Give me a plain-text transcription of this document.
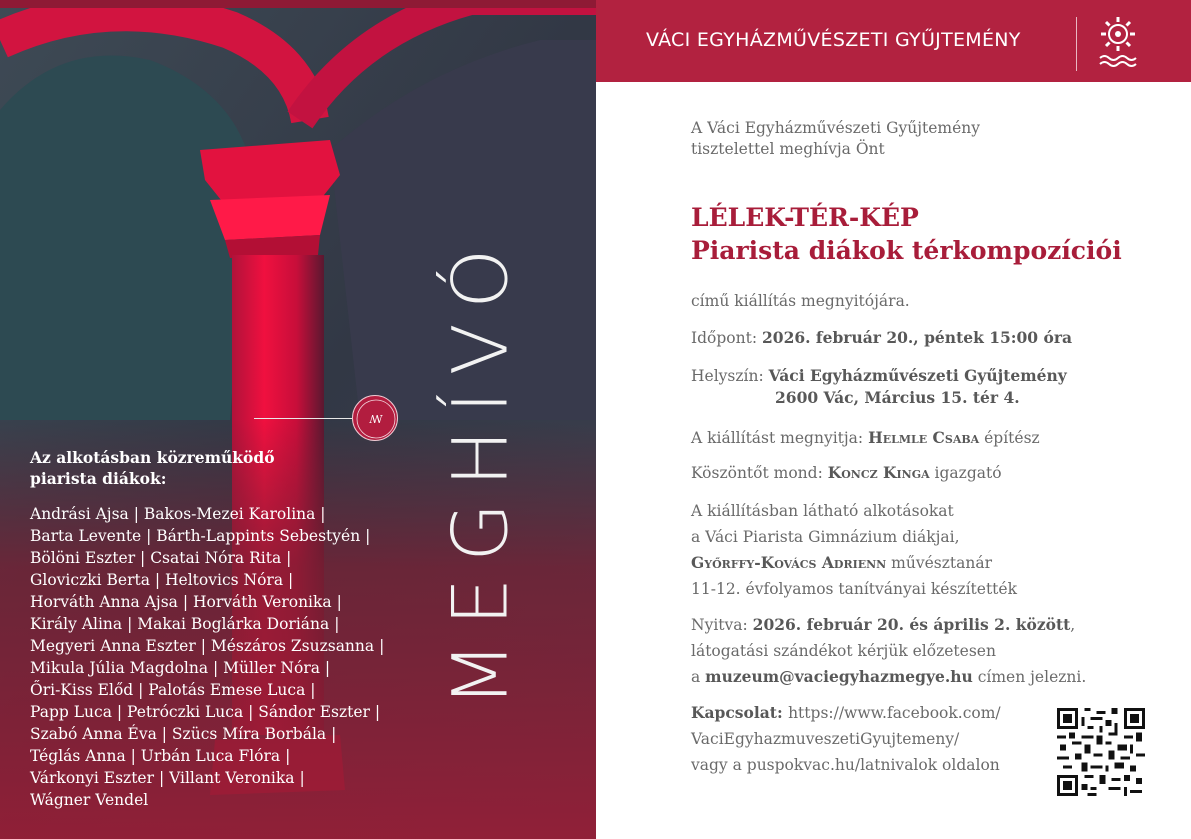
ꟿ MEGHÍVÓ
Az alkotásban közreműködő
piarista diákok:
Andrási Ajsa | Bakos-Mezei Karolina |
Barta Levente | Bárth-Lappints Sebestyén |
Bölöni Eszter | Csatai Nóra Rita |
Gloviczki Berta | Heltovics Nóra |
Horváth Anna Ajsa | Horváth Veronika |
Király Alina | Makai Boglárka Doriána |
Megyeri Anna Eszter | Mészáros Zsuzsanna |
Mikula Júlia Magdolna | Müller Nóra |
Őri-Kiss Előd | Palotás Emese Luca |
Papp Luca | Petróczki Luca | Sándor Eszter |
Szabó Anna Éva | Szücs Míra Borbála |
Téglás Anna | Urbán Luca Flóra |
Várkonyi Eszter | Villant Veronika |
Wágner Vendel
VÁCI EGYHÁZMŰVÉSZETI GYŰJTEMÉNY
A Váci Egyházművészeti Gyűjtemény
tisztelettel meghívja Önt
LÉLEK-TÉR-KÉP
Piarista diákok térkompozíciói
című kiállítás megnyitójára.
Időpont: 2026. február 20., péntek 15:00 óra
Helyszín: Váci Egyházművészeti Gyűjtemény
2600 Vác, Március 15. tér 4.
A kiállítást megnyitja: Helmle Csaba építész
Köszöntőt mond: Koncz Kinga igazgató
A kiállításban látható alkotásokat
a Váci Piarista Gimnázium diákjai,
Győrffy-Kovács Adrienn művésztanár
11-12. évfolyamos tanítványai készítették
Nyitva: 2026. február 20. és április 2. között,
látogatási szándékot kérjük előzetesen
a muzeum@vaciegyhazmegye.hu címen jelezni.
Kapcsolat: https://www.facebook.com/
VaciEgyhazmuveszetiGyujtemeny/
vagy a puspokvac.hu/latnivalok oldalon
